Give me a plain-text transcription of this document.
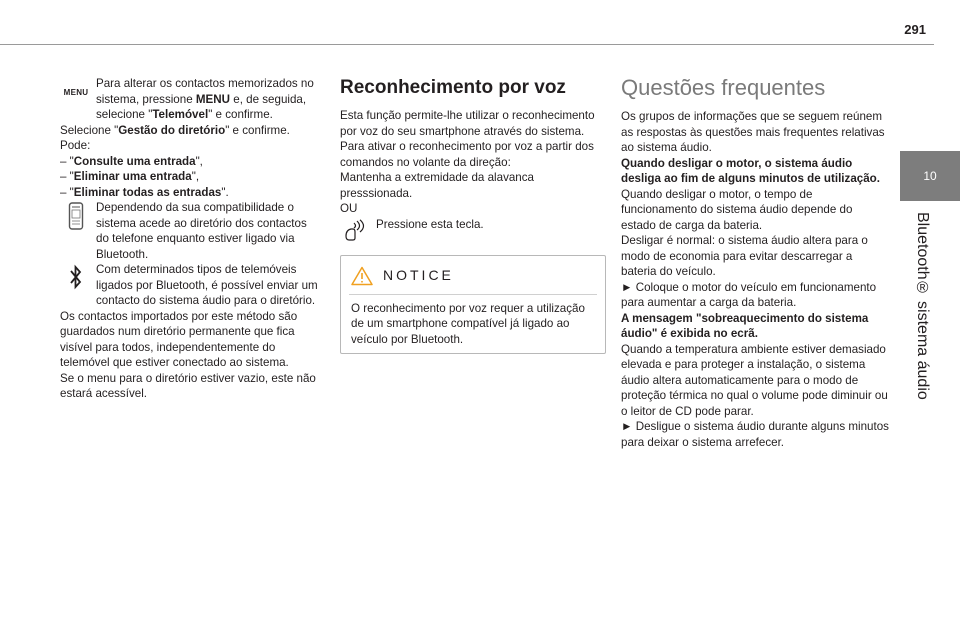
291
10
Bluetooth® sistema áudio

MENU
Para alterar os contactos memorizados no sistema, pressione MENU e, de seguida, selecione "Telemóvel" e confirme.

Selecione "Gestão do diretório" e confirme.

Pode:

– "Consulte uma entrada",

– "Eliminar uma entrada",

– "Eliminar todas as entradas".

Dependendo da sua compatibilidade o sistema acede ao diretório dos contactos do telefone enquanto estiver ligado via Bluetooth.

Com determinados tipos de telemóveis ligados por Bluetooth, é possível enviar um contacto do sistema áudio para o diretório.

Os contactos importados por este método são guardados num diretório permanente que fica visível para todos, independentemente do telemóvel que estiver conectado ao sistema.

Se o menu para o diretório estiver vazio, este não estará acessível.

Reconhecimento por voz

Esta função permite-lhe utilizar o reconhecimento por voz do seu smartphone através do sistema.

Para ativar o reconhecimento por voz a partir dos comandos no volante da direção:

Mantenha a extremidade da alavanca presssionada.

OU

Pressione esta tecla.

NOTICE
O reconhecimento por voz requer a utilização de um smartphone compatível já ligado ao veículo por Bluetooth.
Questões frequentes

Os grupos de informações que se seguem reúnem as respostas às questões mais frequentes relativas ao sistema áudio.

Quando desligar o motor, o sistema áudio desliga ao fim de alguns minutos de utilização.

Quando desligar o motor, o tempo de funcionamento do sistema áudio depende do estado de carga da bateria.

Desligar é normal: o sistema áudio altera para o modo de economia para evitar descarregar a bateria do veículo.

► Coloque o motor do veículo em funcionamento para aumentar a carga da bateria.

A mensagem "sobreaquecimento do sistema áudio" é exibida no ecrã.

Quando a temperatura ambiente estiver demasiado elevada e para proteger a instalação, o sistema áudio altera automaticamente para o modo de proteção térmica no qual o volume pode diminuir ou o leitor de CD pode parar.

► Desligue o sistema áudio durante alguns minutos para deixar o sistema arrefecer.
